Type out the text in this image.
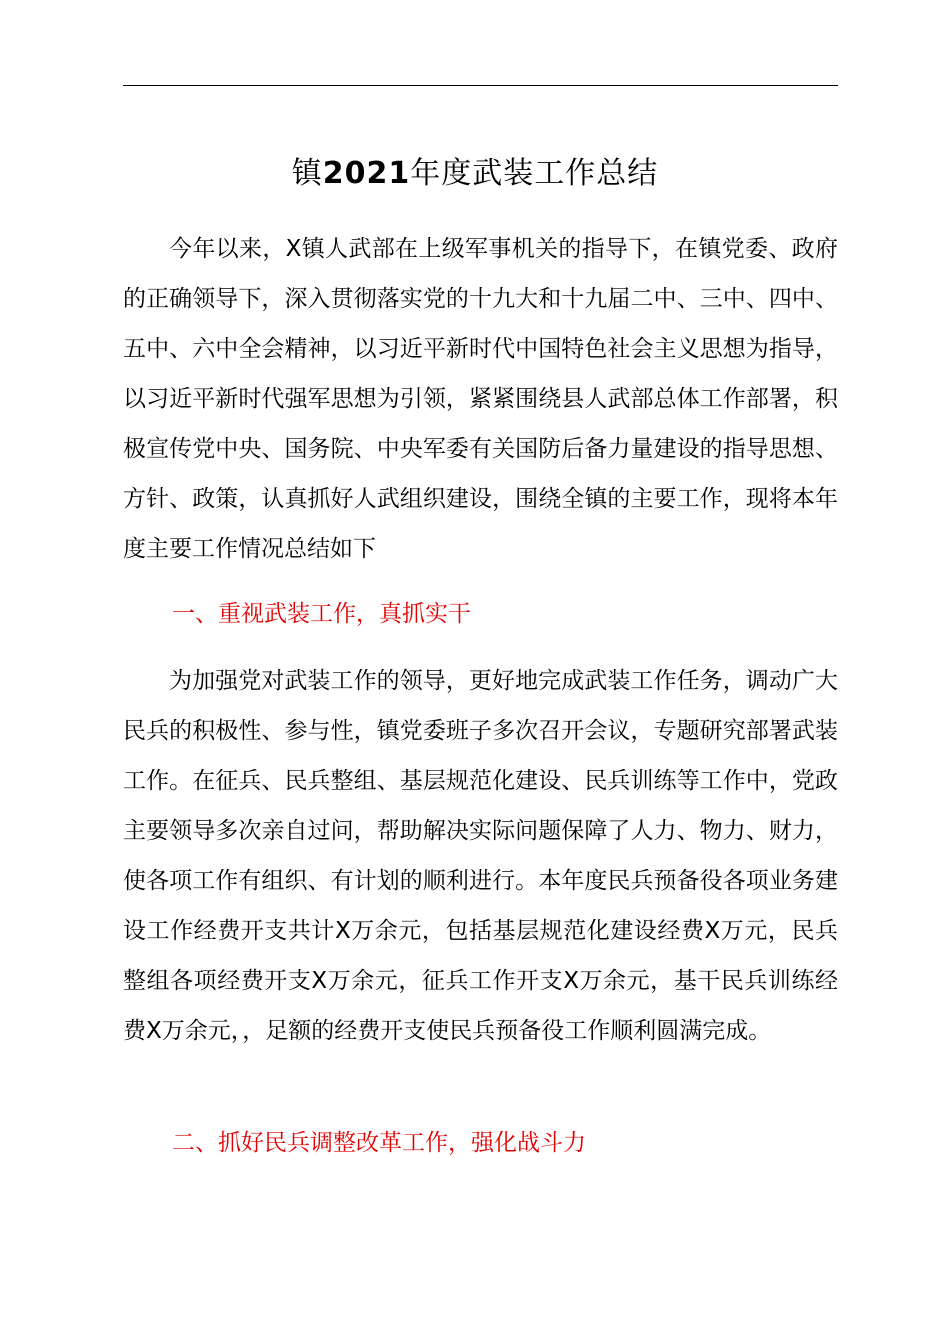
镇2021年度武装工作总结

今年以来，X镇人武部在上级军事机关的指导下，在镇党委、政府的正确领导下，深入贯彻落实党的十九大和十九届二中、三中、四中、五中、六中全会精神，以习近平新时代中国特色社会主义思想为指导，以习近平新时代强军思想为引领，紧紧围绕县人武部总体工作部署，积极宣传党中央、国务院、中央军委有关国防后备力量建设的指导思想、方针、政策，认真抓好人武组织建设，围绕全镇的主要工作，现将本年度主要工作情况总结如下

一、重视武装工作，真抓实干

为加强党对武装工作的领导，更好地完成武装工作任务，调动广大民兵的积极性、参与性，镇党委班子多次召开会议，专题研究部署武装工作。在征兵、民兵整组、基层规范化建设、民兵训练等工作中，党政主要领导多次亲自过问，帮助解决实际问题保障了人力、物力、财力，使各项工作有组织、有计划的顺利进行。本年度民兵预备役各项业务建设工作经费开支共计X万余元，包括基层规范化建设经费X万元，民兵整组各项经费开支X万余元，征兵工作开支X万余元，基干民兵训练经费X万余元，，足额的经费开支使民兵预备役工作顺利圆满完成。

二、抓好民兵调整改革工作，强化战斗力
